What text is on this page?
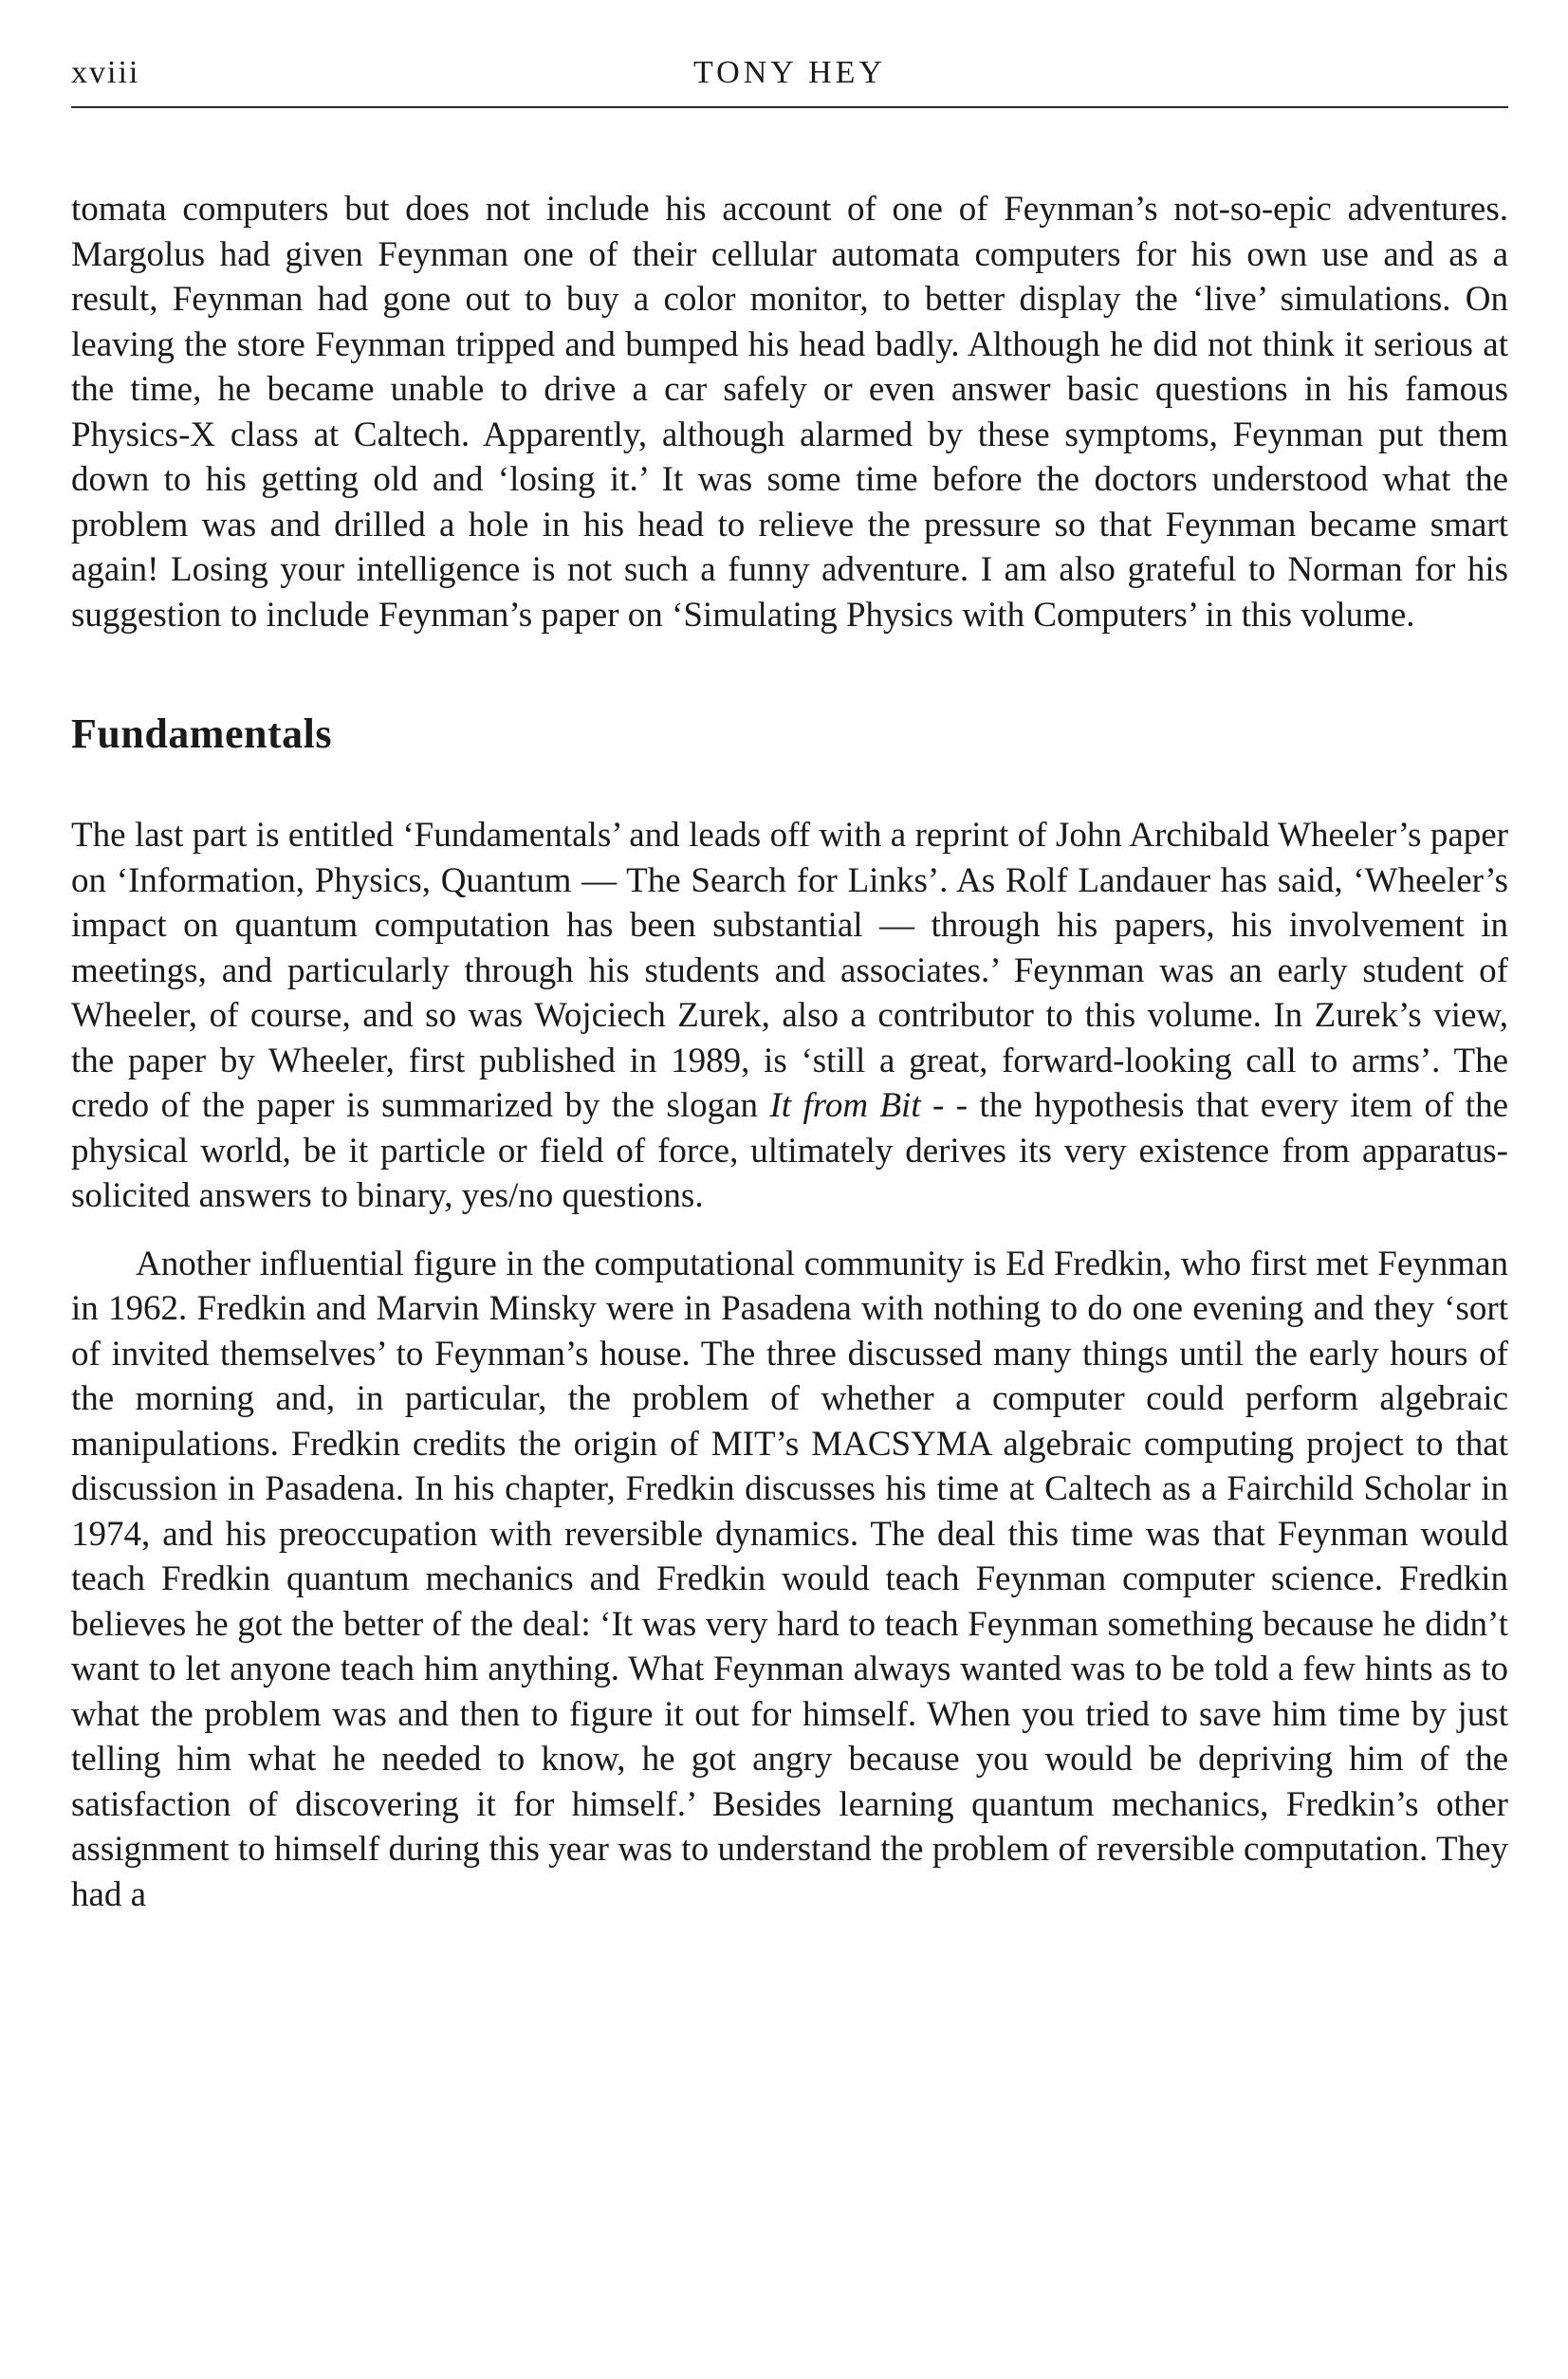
xviii	TONY HEY

tomata computers but does not include his account of one of Feynman’s not-so-epic adventures. Margolus had given Feynman one of their cellular automata computers for his own use and as a result, Feynman had gone out to buy a color monitor, to better display the ‘live’ simulations. On leaving the store Feynman tripped and bumped his head badly. Although he did not think it serious at the time, he became unable to drive a car safely or even answer basic questions in his famous Physics-X class at Caltech. Apparently, although alarmed by these symptoms, Feynman put them down to his getting old and ‘losing it.’ It was some time before the doctors understood what the problem was and drilled a hole in his head to relieve the pressure so that Feynman became smart again! Losing your intelligence is not such a funny adventure. I am also grateful to Norman for his suggestion to include Feynman’s paper on ‘Simulating Physics with Computers’ in this volume.

Fundamentals

The last part is entitled ‘Fundamentals’ and leads off with a reprint of John Archibald Wheeler’s paper on ‘Information, Physics, Quantum — The Search for Links’. As Rolf Landauer has said, ‘Wheeler’s impact on quantum computation has been substantial — through his papers, his involvement in meetings, and particularly through his students and associates.’ Feynman was an early student of Wheeler, of course, and so was Wojciech Zurek, also a contributor to this volume. In Zurek’s view, the paper by Wheeler, first published in 1989, is ‘still a great, forward-looking call to arms’. The credo of the paper is summarized by the slogan It from Bit - - the hypothesis that every item of the physical world, be it particle or field of force, ultimately derives its very existence from apparatus-solicited answers to binary, yes/no questions.

Another influential figure in the computational community is Ed Fredkin, who first met Feynman in 1962. Fredkin and Marvin Minsky were in Pasadena with nothing to do one evening and they ‘sort of invited themselves’ to Feynman’s house. The three discussed many things until the early hours of the morning and, in particular, the problem of whether a computer could perform algebraic manipulations. Fredkin credits the origin of MIT’s MACSYMA algebraic computing project to that discussion in Pasadena. In his chapter, Fredkin discusses his time at Caltech as a Fairchild Scholar in 1974, and his preoccupation with reversible dynamics. The deal this time was that Feynman would teach Fredkin quantum mechanics and Fredkin would teach Feynman computer science. Fredkin believes he got the better of the deal: ‘It was very hard to teach Feynman something because he didn’t want to let anyone teach him anything. What Feynman always wanted was to be told a few hints as to what the problem was and then to figure it out for himself. When you tried to save him time by just telling him what he needed to know, he got angry because you would be depriving him of the satisfaction of discovering it for himself.’ Besides learning quantum mechanics, Fredkin’s other assignment to himself during this year was to understand the problem of reversible computation. They had a
